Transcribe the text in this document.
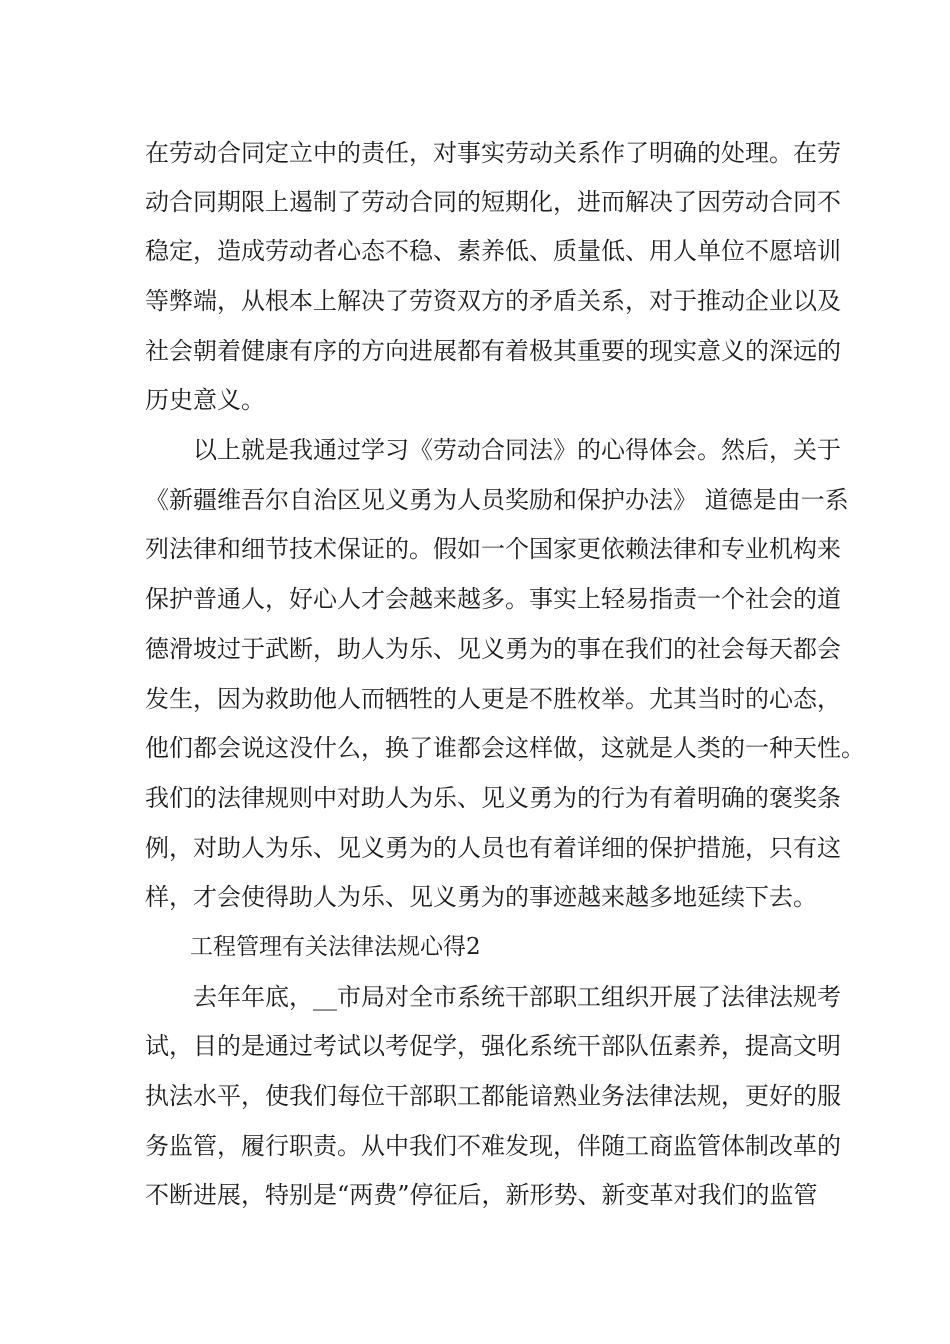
在劳动合同定立中的责任，对事实劳动关系作了明确的处理。在劳
动合同期限上遏制了劳动合同的短期化，进而解决了因劳动合同不
稳定，造成劳动者心态不稳、素养低、质量低、用人单位不愿培训
等弊端，从根本上解决了劳资双方的矛盾关系，对于推动企业以及
社会朝着健康有序的方向进展都有着极其重要的现实意义的深远的
历史意义。
以上就是我通过学习《劳动合同法》的心得体会。然后，关于
《新疆维吾尔自治区见义勇为人员奖励和保护办法》 道德是由一系
列法律和细节技术保证的。假如一个国家更依赖法律和专业机构来
保护普通人，好心人才会越来越多。事实上轻易指责一个社会的道
德滑坡过于武断，助人为乐、见义勇为的事在我们的社会每天都会
发生，因为救助他人而牺牲的人更是不胜枚举。尤其当时的心态，
他们都会说这没什么，换了谁都会这样做，这就是人类的一种天性。
我们的法律规则中对助人为乐、见义勇为的行为有着明确的褒奖条
例，对助人为乐、见义勇为的人员也有着详细的保护措施，只有这
样，才会使得助人为乐、见义勇为的事迹越来越多地延续下去。
工程管理有关法律法规心得2
去年年底，__市局对全市系统干部职工组织开展了法律法规考
试，目的是通过考试以考促学，强化系统干部队伍素养，提高文明
执法水平，使我们每位干部职工都能谙熟业务法律法规，更好的服
务监管，履行职责。从中我们不难发现，伴随工商监管体制改革的
不断进展，特别是“两费”停征后，新形势、新变革对我们的监管
